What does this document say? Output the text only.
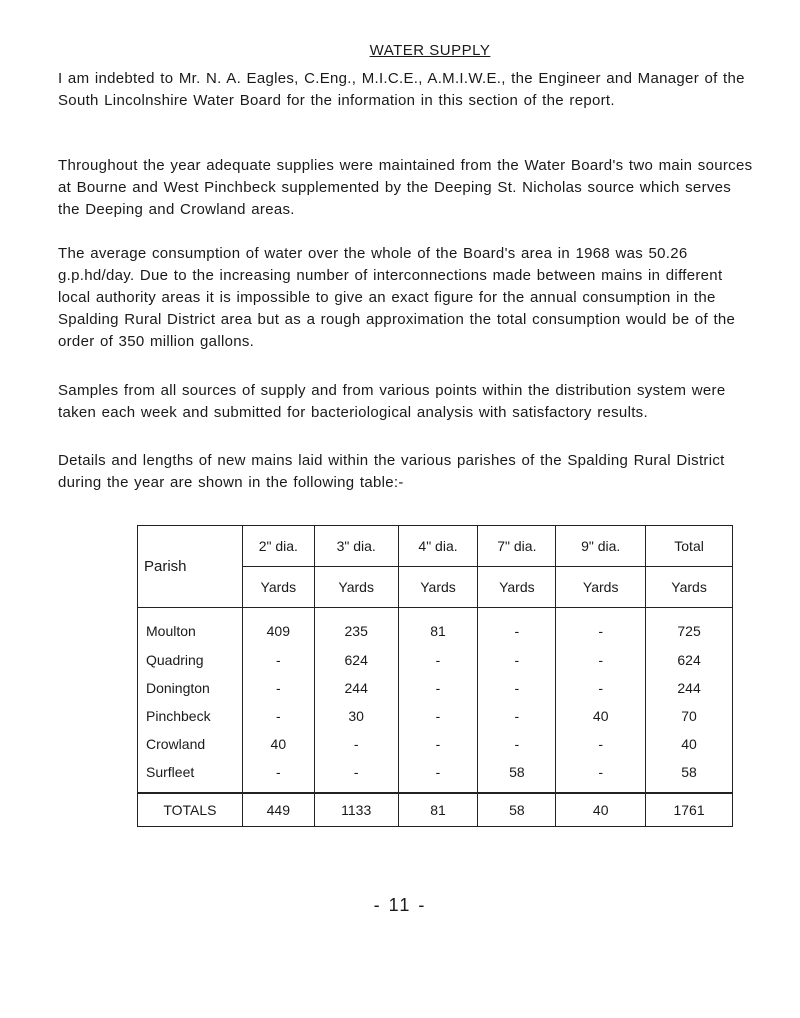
WATER SUPPLY

I am indebted to Mr. N. A. Eagles, C.Eng., M.I.C.E., A.M.I.W.E., the Engineer and Manager of the South Lincolnshire Water Board for the information in this section of the report.

Throughout the year adequate supplies were maintained from the Water Board's two main sources at Bourne and West Pinchbeck supplemented by the Deeping St. Nicholas source which serves the Deeping and Crowland areas.

The average consumption of water over the whole of the Board's area in 1968 was 50.26 g.p.hd/day. Due to the increasing number of interconnections made between mains in different local authority areas it is impossible to give an exact figure for the annual consumption in the Spalding Rural District area but as a rough approximation the total consumption would be of the order of 350 million gallons.

Samples from all sources of supply and from various points within the distribution system were taken each week and submitted for bacteriological analysis with satisfactory results.

Details and lengths of new mains laid within the various parishes of the Spalding Rural District during the year are shown in the following table:-

Parish	2" dia.	3" dia.	4" dia.	7" dia.	9" dia.	Total
	Yards	Yards	Yards	Yards	Yards	Yards
Moulton	409	235	81	-	-	725
Quadring	-	624	-	-	-	624
Donington	-	244	-	-	-	244
Pinchbeck	-	30	-	-	40	70
Crowland	40	-	-	-	-	40
Surfleet	-	-	-	58	-	58
TOTALS	449	1133	81	58	40	1761
- 11 -
